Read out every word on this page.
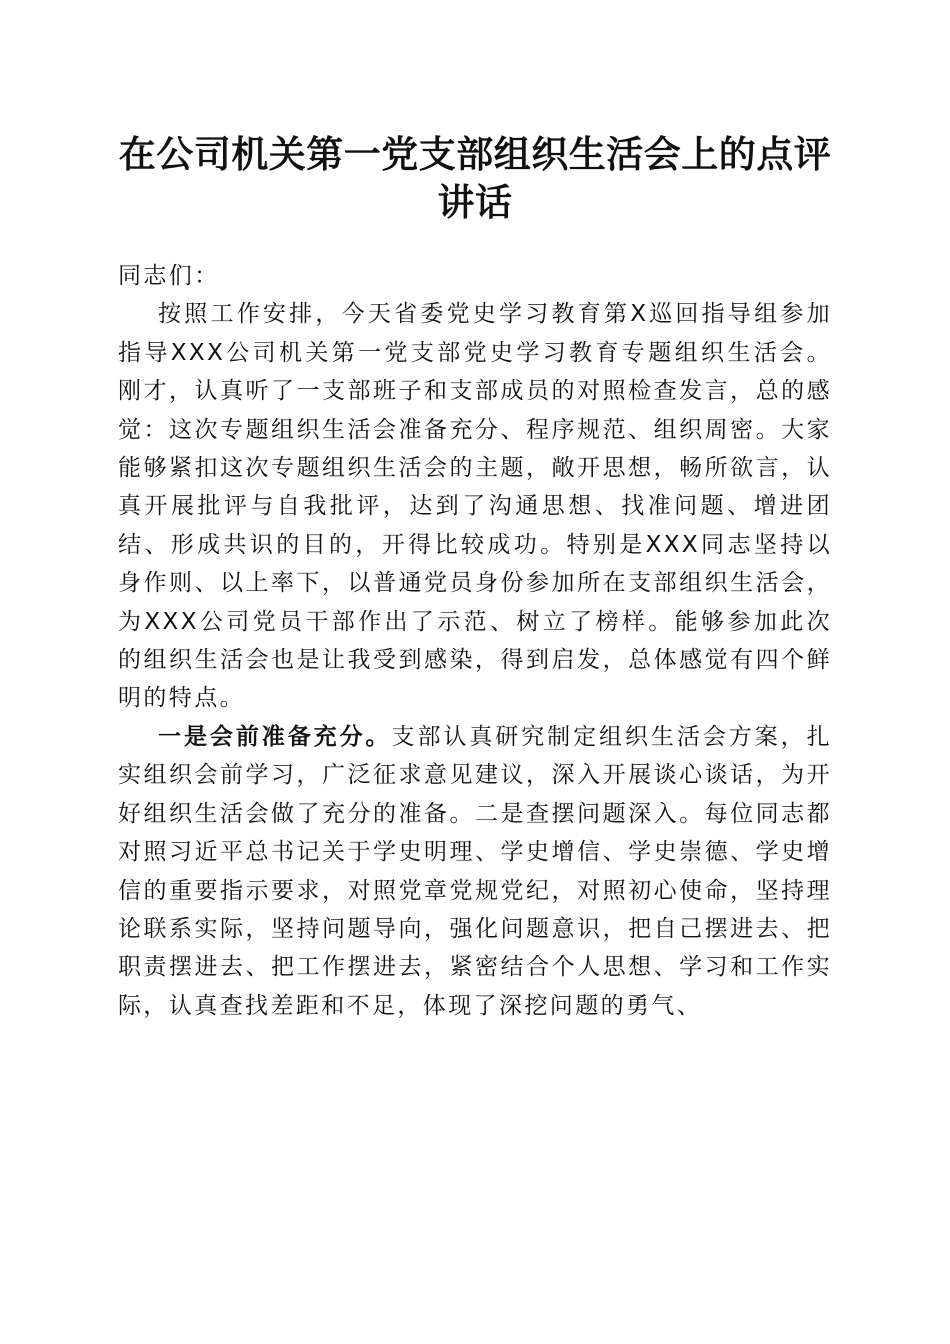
在公司机关第一党支部组织生活会上的点评讲话

同志们：

按照工作安排，今天省委党史学习教育第X巡回指导组参加指导XXX公司机关第一党支部党史学习教育专题组织生活会。刚才，认真听了一支部班子和支部成员的对照检查发言，总的感觉：这次专题组织生活会准备充分、程序规范、组织周密。大家能够紧扣这次专题组织生活会的主题，敞开思想，畅所欲言，认真开展批评与自我批评，达到了沟通思想、找准问题、增进团结、形成共识的目的，开得比较成功。特别是XXX同志坚持以身作则、以上率下，以普通党员身份参加所在支部组织生活会，为XXX公司党员干部作出了示范、树立了榜样。能够参加此次的组织生活会也是让我受到感染，得到启发，总体感觉有四个鲜明的特点。

一是会前准备充分。支部认真研究制定组织生活会方案，扎实组织会前学习，广泛征求意见建议，深入开展谈心谈话，为开好组织生活会做了充分的准备。二是查摆问题深入。每位同志都对照习近平总书记关于学史明理、学史增信、学史崇德、学史增信的重要指示要求，对照党章党规党纪，对照初心使命，坚持理论联系实际，坚持问题导向，强化问题意识，把自己摆进去、把职责摆进去、把工作摆进去，紧密结合个人思想、学习和工作实际，认真查找差距和不足，体现了深挖问题的勇气、
